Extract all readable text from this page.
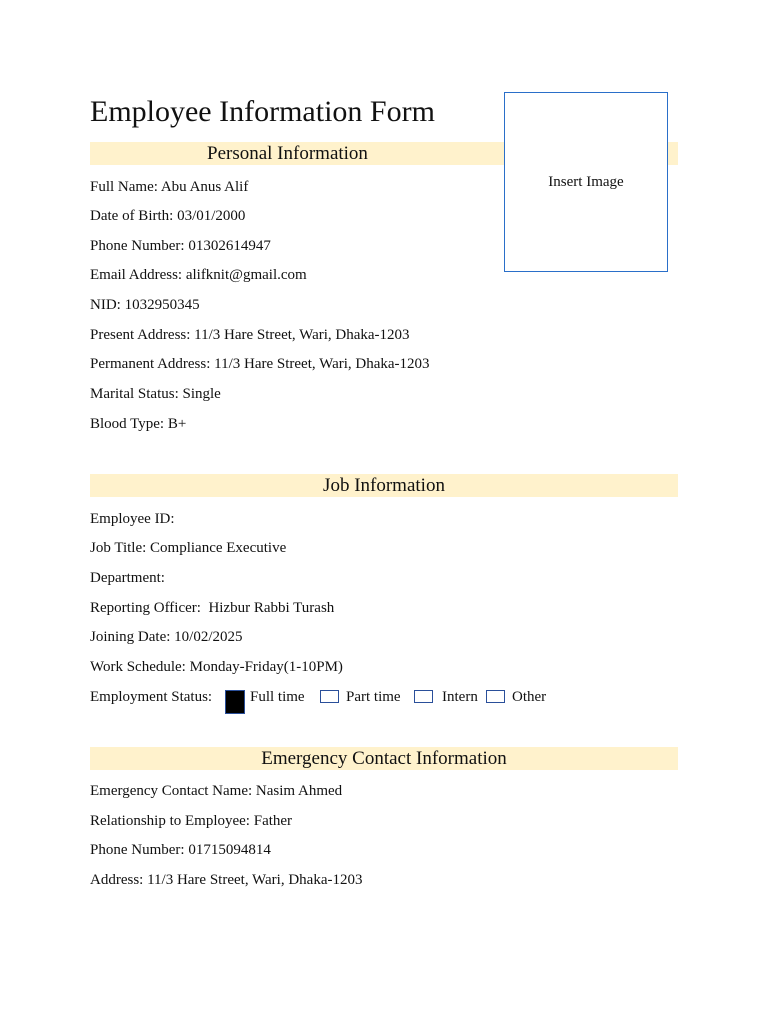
Employee Information Form
Insert Image
Personal Information
Full Name: Abu Anus Alif
Date of Birth: 03/01/2000
Phone Number: 01302614947
Email Address: alifknit@gmail.com
NID: 1032950345
Present Address: 11/3 Hare Street, Wari, Dhaka-1203
Permanent Address: 11/3 Hare Street, Wari, Dhaka-1203
Marital Status: Single
Blood Type: B+
Job Information
Employee ID:
Job Title: Compliance Executive
Department:
Reporting Officer:  Hizbur Rabbi Turash
Joining Date: 10/02/2025
Work Schedule: Monday-Friday(1-10PM)
Employment Status:	Full time	Part time	Intern Other
Emergency Contact Information
Emergency Contact Name: Nasim Ahmed
Relationship to Employee: Father
Phone Number: 01715094814
Address: 11/3 Hare Street, Wari, Dhaka-1203
